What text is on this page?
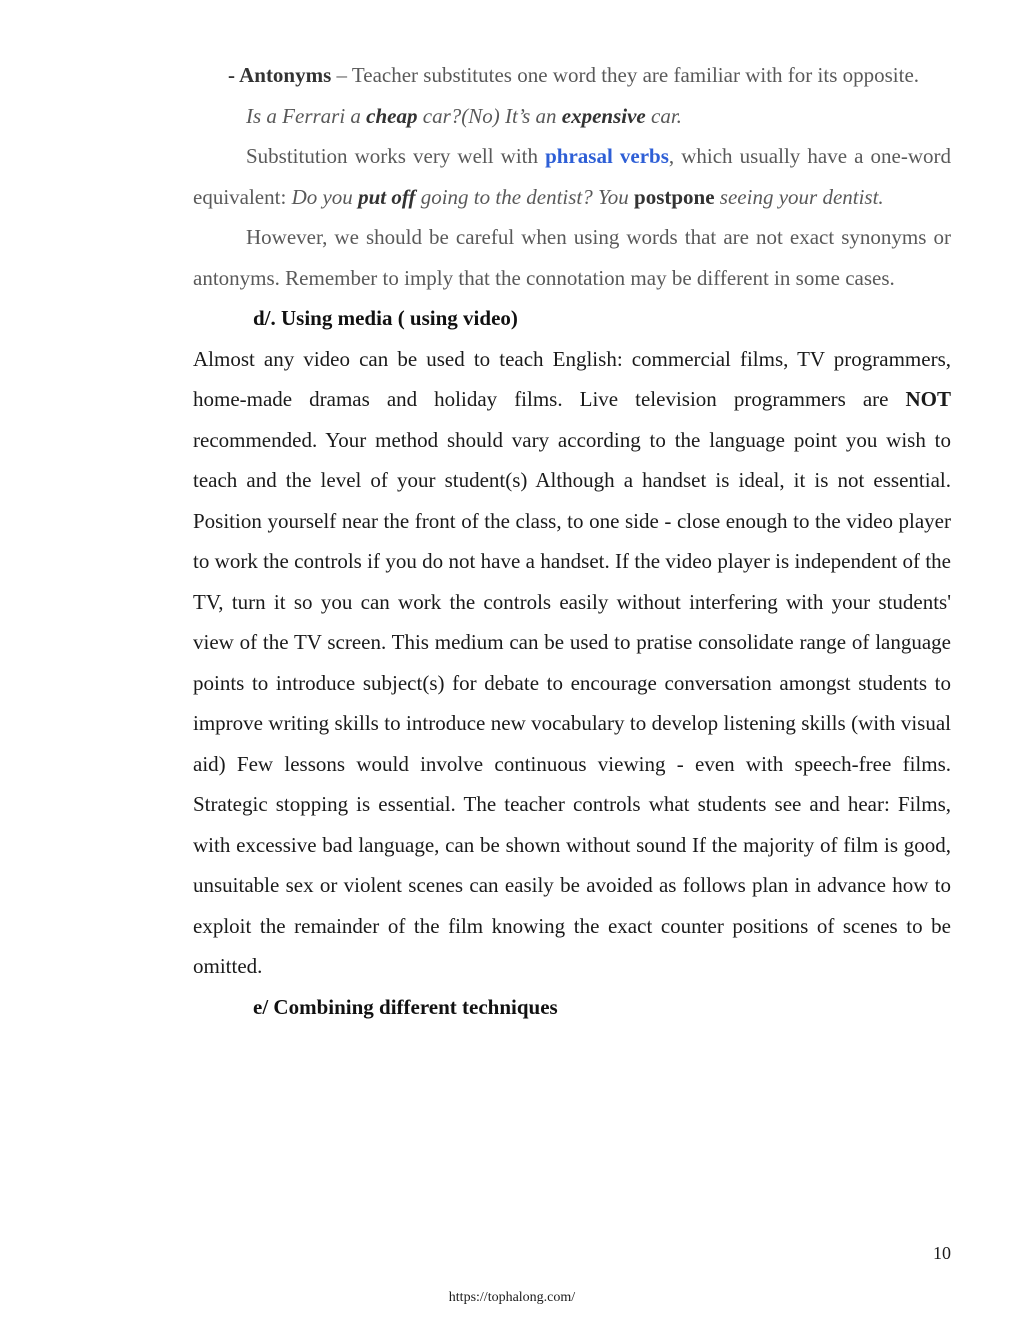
- Antonyms – Teacher substitutes one word they are familiar with for its opposite.

Is a Ferrari a cheap car?(No) It’s an expensive car.

Substitution works very well with phrasal verbs, which usually have a one-word equivalent: Do you put off going to the dentist? You postpone seeing your dentist.

However, we should be careful when using words that are not exact synonyms or antonyms. Remember to imply that the connotation may be different in some cases.

d/. Using media ( using video)

Almost any video can be used to teach English: commercial films, TV programmers, home-made dramas and holiday films. Live television programmers are NOT recommended. Your method should vary according to the language point you wish to teach and the level of your student(s) Although a handset is ideal, it is not essential. Position yourself near the front of the class, to one side - close enough to the video player to work the controls if you do not have a handset. If the video player is independent of the TV, turn it so you can work the controls easily without interfering with your students' view of the TV screen. This medium can be used to pratise consolidate range of language points to introduce subject(s) for debate to encourage conversation amongst students to improve writing skills to introduce new vocabulary to develop listening skills (with visual aid) Few lessons would involve continuous viewing - even with speech-free films. Strategic stopping is essential. The teacher controls what students see and hear: Films, with excessive bad language, can be shown without sound If the majority of film is good, unsuitable sex or violent scenes can easily be avoided as follows plan in advance how to exploit the remainder of the film knowing the exact counter positions of scenes to be omitted.

e/ Combining different techniques

10
https://tophalong.com/
